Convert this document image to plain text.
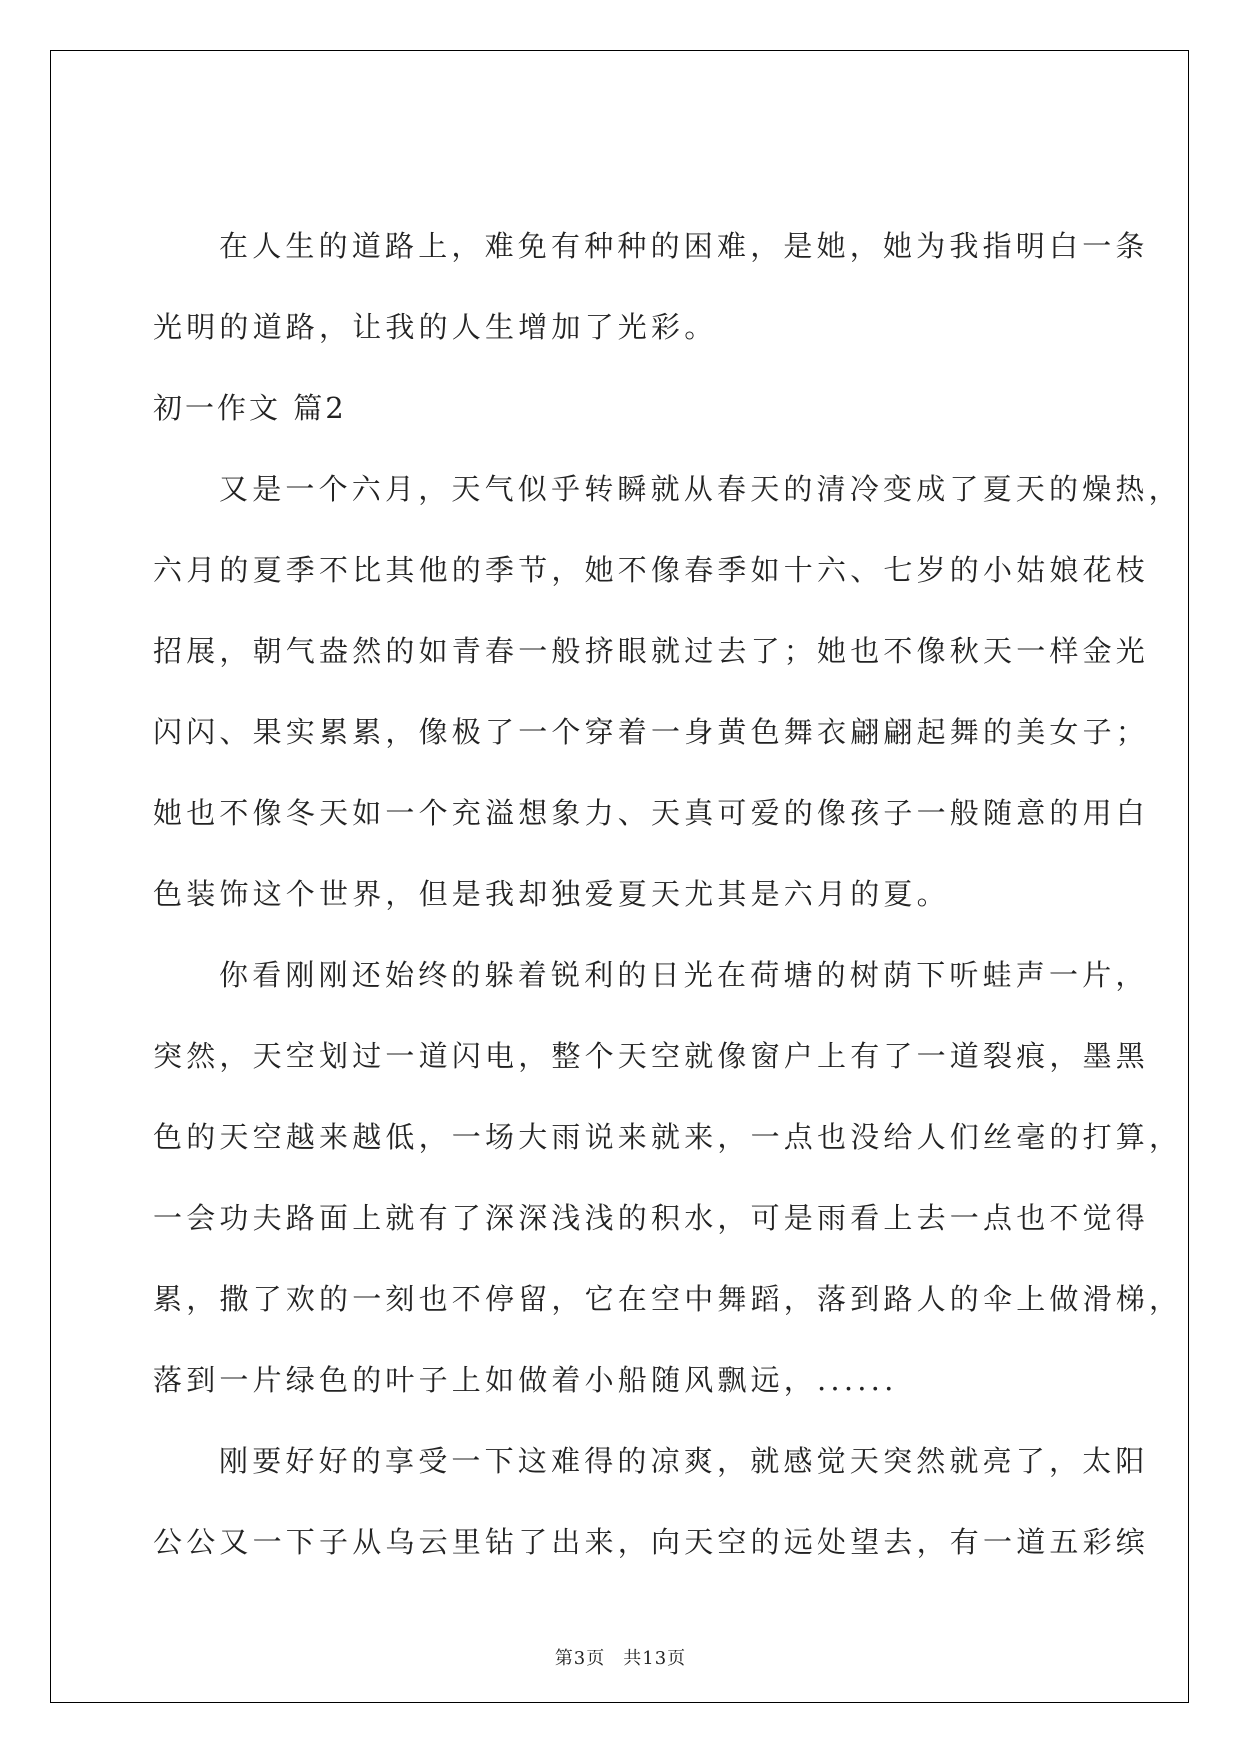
在人生的道路上，难免有种种的困难，是她，她为我指明白一条
光明的道路，让我的人生增加了光彩。
初一作文 篇2
又是一个六月，天气似乎转瞬就从春天的清冷变成了夏天的燥热，
六月的夏季不比其他的季节，她不像春季如十六、七岁的小姑娘花枝
招展，朝气盎然的如青春一般挤眼就过去了；她也不像秋天一样金光
闪闪、果实累累，像极了一个穿着一身黄色舞衣翩翩起舞的美女子；
她也不像冬天如一个充溢想象力、天真可爱的像孩子一般随意的用白
色装饰这个世界，但是我却独爱夏天尤其是六月的夏。
你看刚刚还始终的躲着锐利的日光在荷塘的树荫下听蛙声一片，
突然，天空划过一道闪电，整个天空就像窗户上有了一道裂痕，墨黑
色的天空越来越低，一场大雨说来就来，一点也没给人们丝毫的打算，
一会功夫路面上就有了深深浅浅的积水，可是雨看上去一点也不觉得
累，撒了欢的一刻也不停留，它在空中舞蹈，落到路人的伞上做滑梯，
落到一片绿色的叶子上如做着小船随风飘远，......
刚要好好的享受一下这难得的凉爽，就感觉天突然就亮了，太阳
公公又一下子从乌云里钻了出来，向天空的远处望去，有一道五彩缤
第3页 共13页
